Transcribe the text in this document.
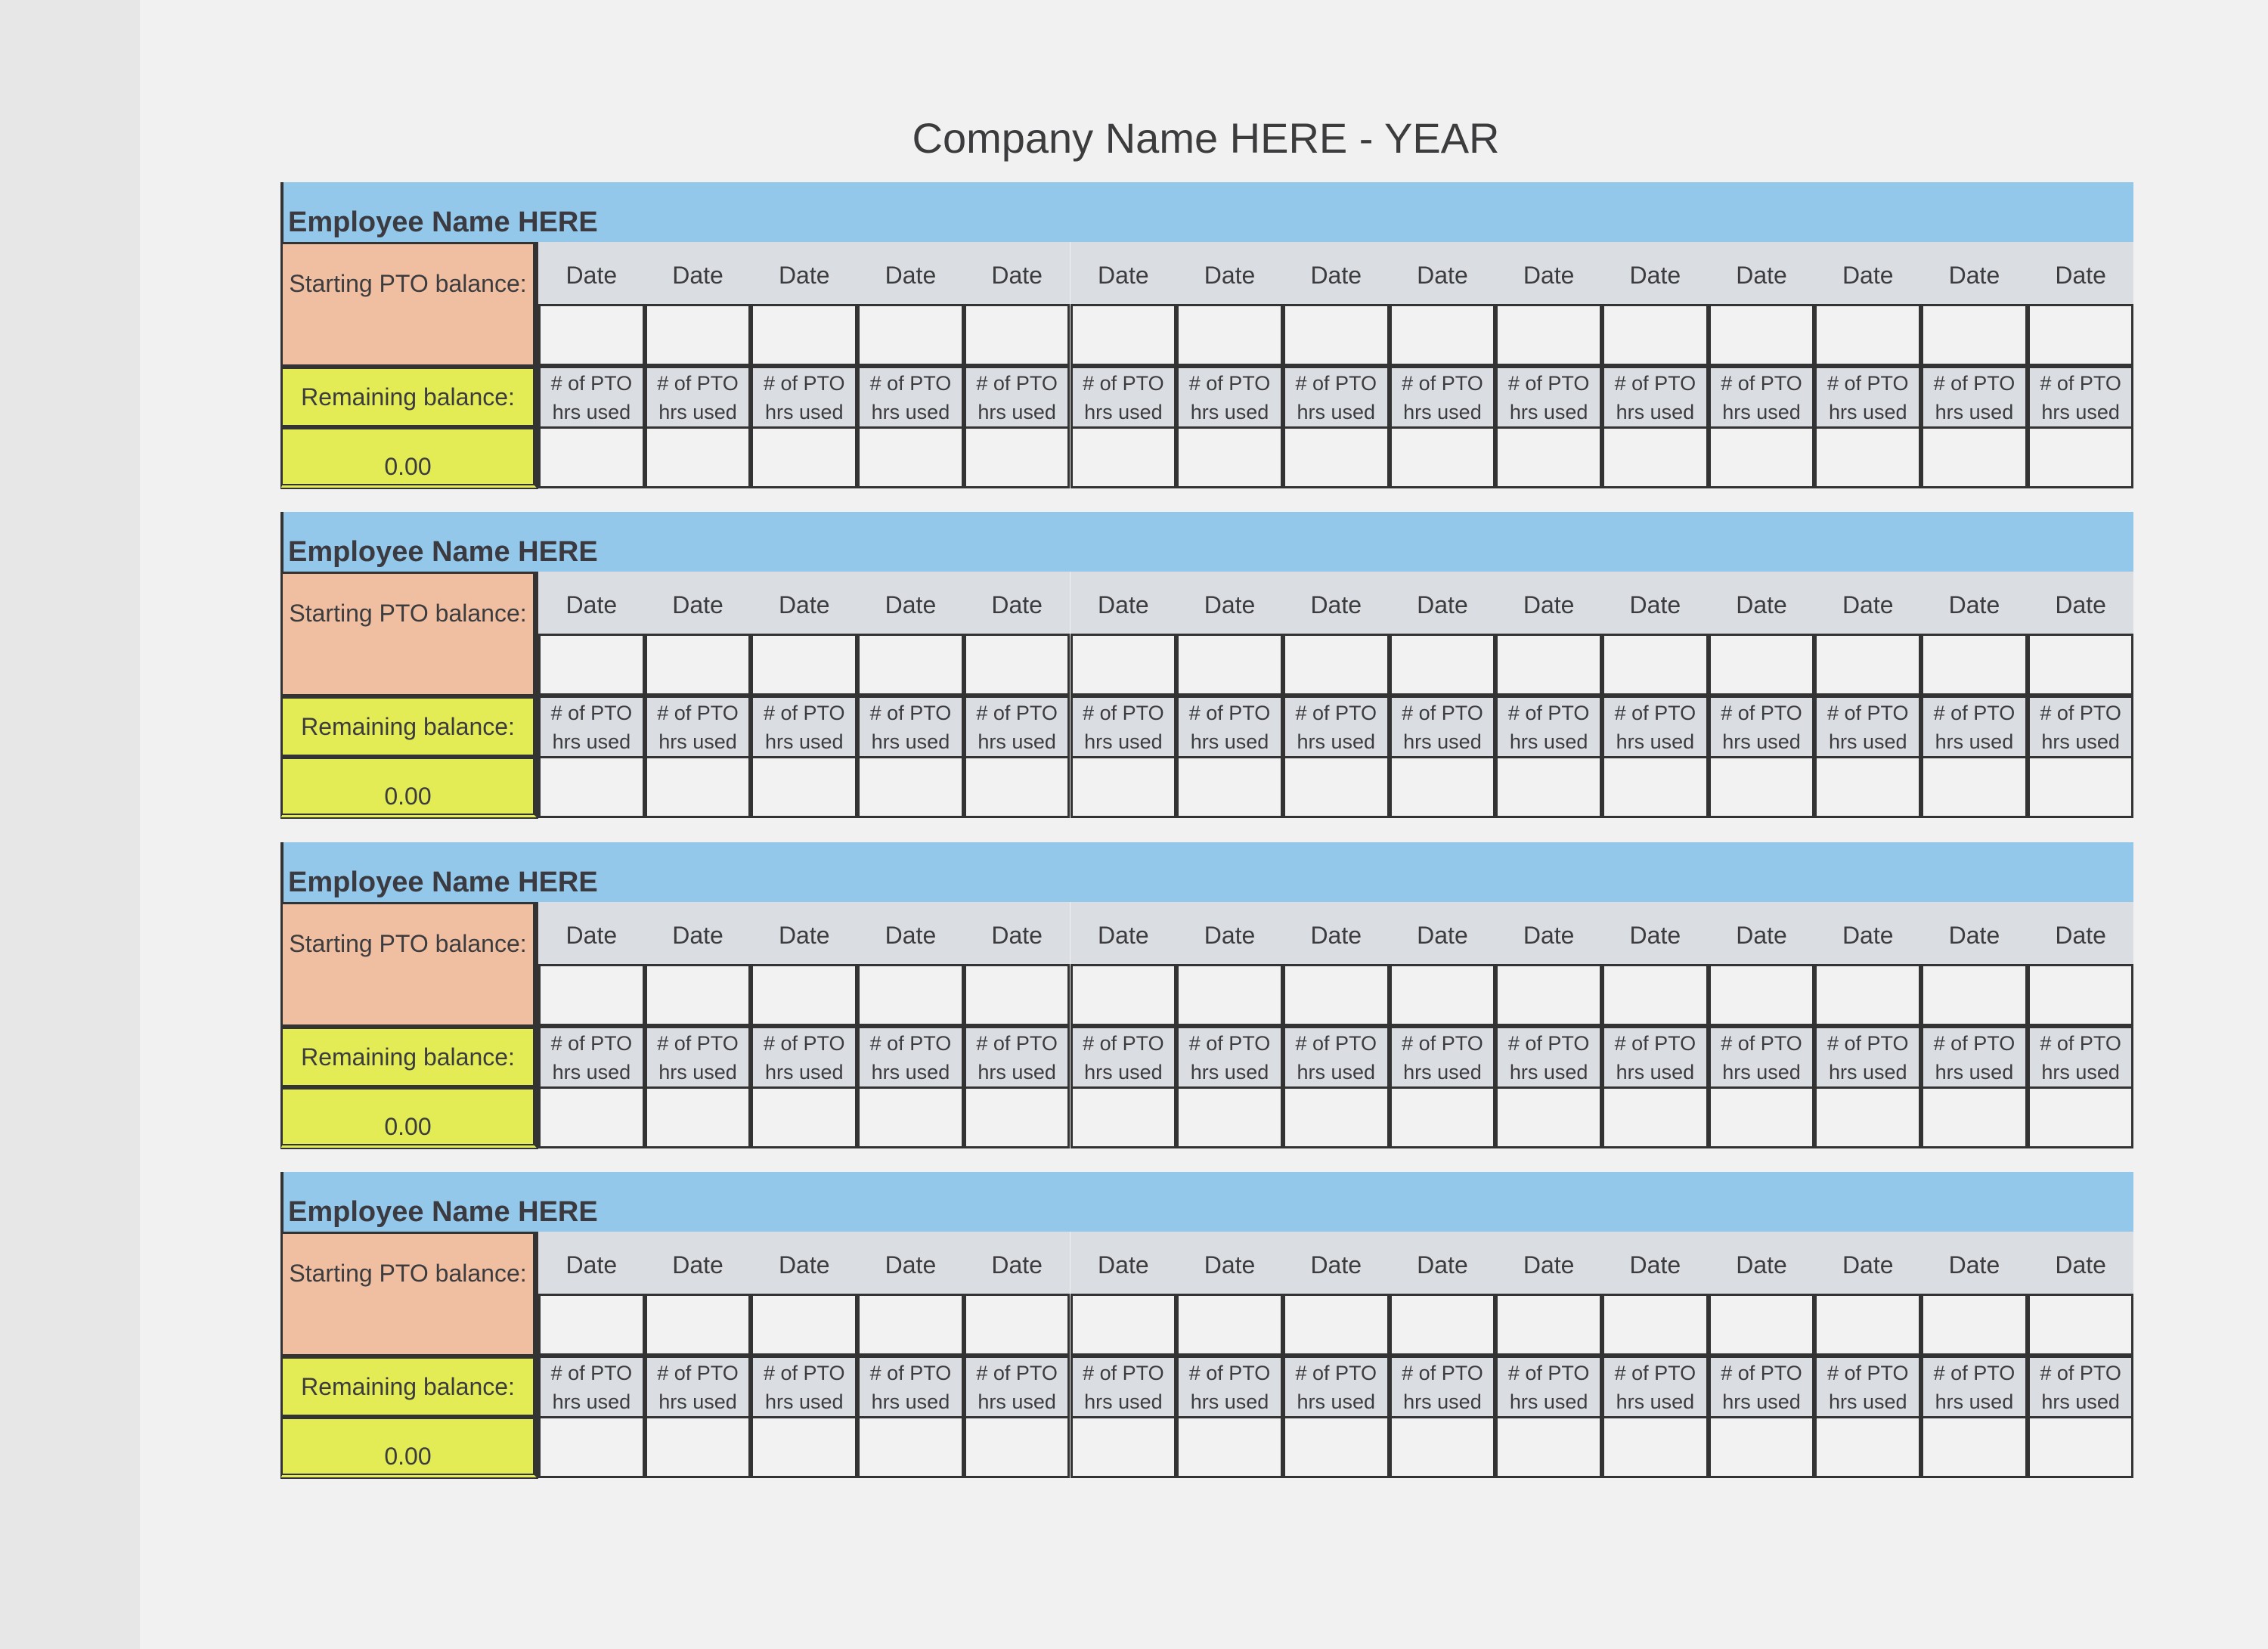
Company Name HERE - YEAR
Employee Name HERE
Starting PTO balance:
Remaining balance:
0.00
Date
# of PTO
hrs used
Date
# of PTO
hrs used
Date
# of PTO
hrs used
Date
# of PTO
hrs used
Date
# of PTO
hrs used
Date
# of PTO
hrs used
Date
# of PTO
hrs used
Date
# of PTO
hrs used
Date
# of PTO
hrs used
Date
# of PTO
hrs used
Date
# of PTO
hrs used
Date
# of PTO
hrs used
Date
# of PTO
hrs used
Date
# of PTO
hrs used
Date
# of PTO
hrs used
Employee Name HERE
Starting PTO balance:
Remaining balance:
0.00
Date
# of PTO
hrs used
Date
# of PTO
hrs used
Date
# of PTO
hrs used
Date
# of PTO
hrs used
Date
# of PTO
hrs used
Date
# of PTO
hrs used
Date
# of PTO
hrs used
Date
# of PTO
hrs used
Date
# of PTO
hrs used
Date
# of PTO
hrs used
Date
# of PTO
hrs used
Date
# of PTO
hrs used
Date
# of PTO
hrs used
Date
# of PTO
hrs used
Date
# of PTO
hrs used
Employee Name HERE
Starting PTO balance:
Remaining balance:
0.00
Date
# of PTO
hrs used
Date
# of PTO
hrs used
Date
# of PTO
hrs used
Date
# of PTO
hrs used
Date
# of PTO
hrs used
Date
# of PTO
hrs used
Date
# of PTO
hrs used
Date
# of PTO
hrs used
Date
# of PTO
hrs used
Date
# of PTO
hrs used
Date
# of PTO
hrs used
Date
# of PTO
hrs used
Date
# of PTO
hrs used
Date
# of PTO
hrs used
Date
# of PTO
hrs used
Employee Name HERE
Starting PTO balance:
Remaining balance:
0.00
Date
# of PTO
hrs used
Date
# of PTO
hrs used
Date
# of PTO
hrs used
Date
# of PTO
hrs used
Date
# of PTO
hrs used
Date
# of PTO
hrs used
Date
# of PTO
hrs used
Date
# of PTO
hrs used
Date
# of PTO
hrs used
Date
# of PTO
hrs used
Date
# of PTO
hrs used
Date
# of PTO
hrs used
Date
# of PTO
hrs used
Date
# of PTO
hrs used
Date
# of PTO
hrs used
